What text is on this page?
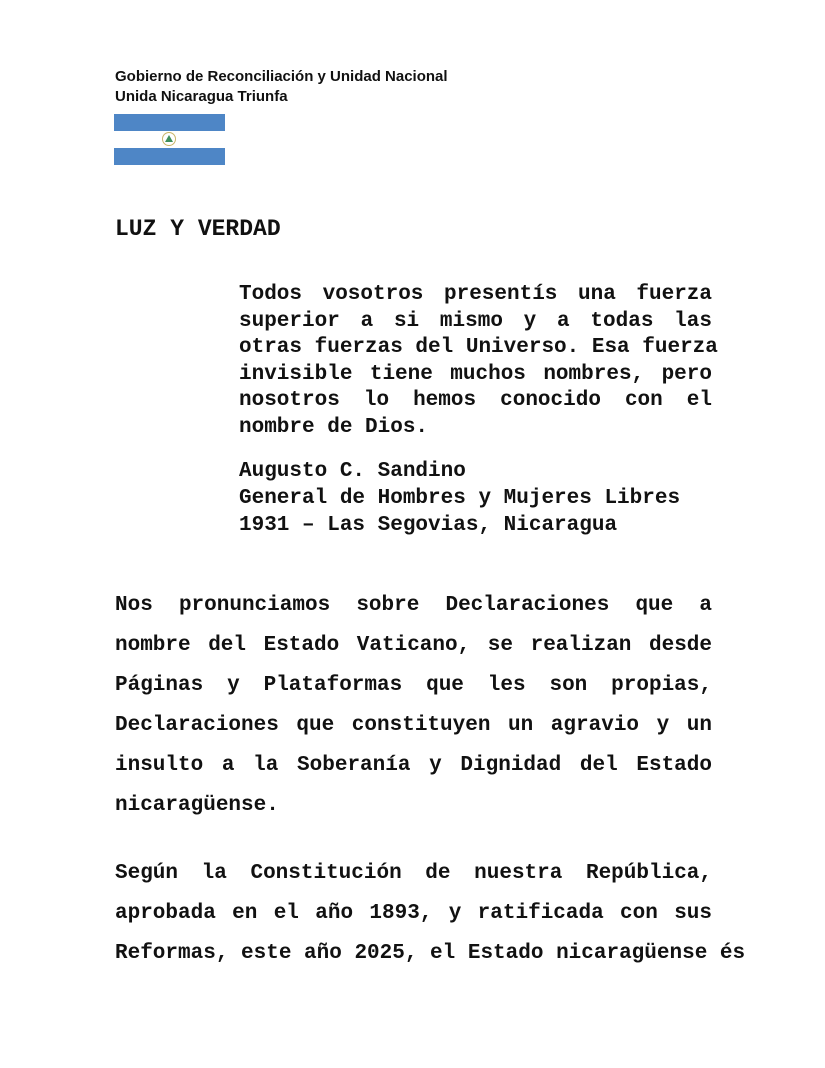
Gobierno de Reconciliación y Unidad Nacional
Unida Nicaragua Triunfa
LUZ Y VERDAD
Todos vosotros presentís una fuerza
superior a si mismo y a todas las
otras fuerzas del Universo. Esa fuerza
invisible tiene muchos nombres, pero
nosotros lo hemos conocido con el
nombre de Dios.
Augusto C. Sandino
General de Hombres y Mujeres Libres
1931 – Las Segovias, Nicaragua
Nos pronunciamos sobre Declaraciones que a
nombre del Estado Vaticano, se realizan desde
Páginas y Plataformas que les son propias,
Declaraciones que constituyen un agravio y un
insulto a la Soberanía y Dignidad del Estado
nicaragüense.
Según la Constitución de nuestra República,
aprobada en el año 1893, y ratificada con sus
Reformas, este año 2025, el Estado nicaragüense és
